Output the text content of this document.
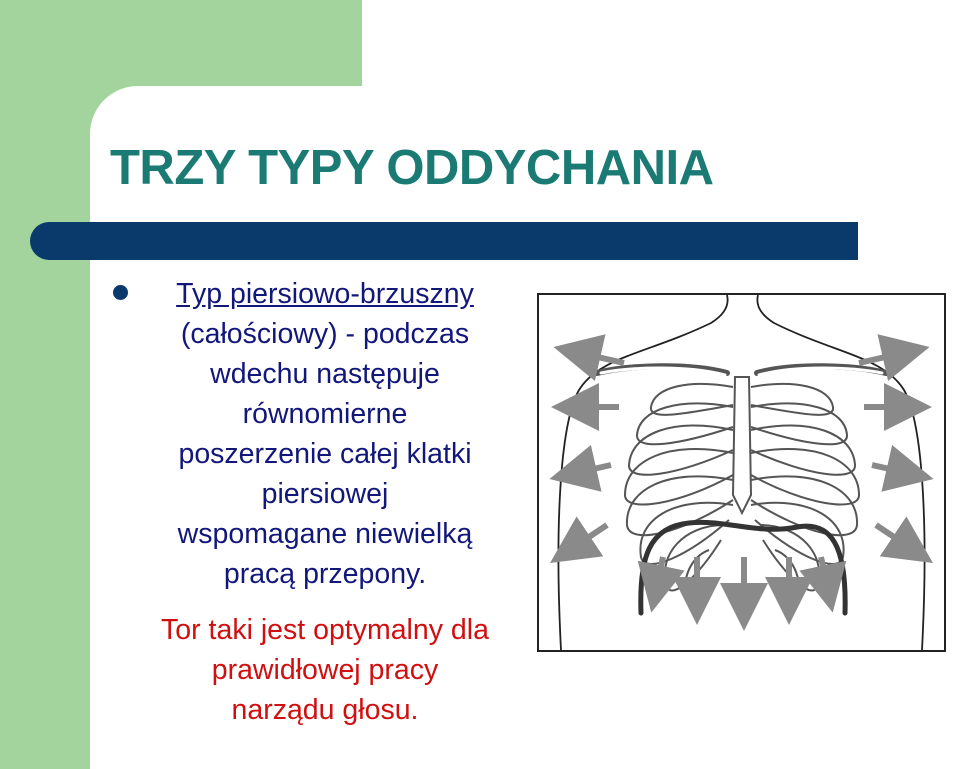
TRZY TYPY ODDYCHANIA
Typ piersiowo-brzuszny
(całościowy) - podczas
wdechu następuje
równomierne
poszerzenie całej klatki
piersiowej
wspomagane niewielką
pracą przepony.
Tor taki jest optymalny dla
prawidłowej pracy
narządu głosu.
